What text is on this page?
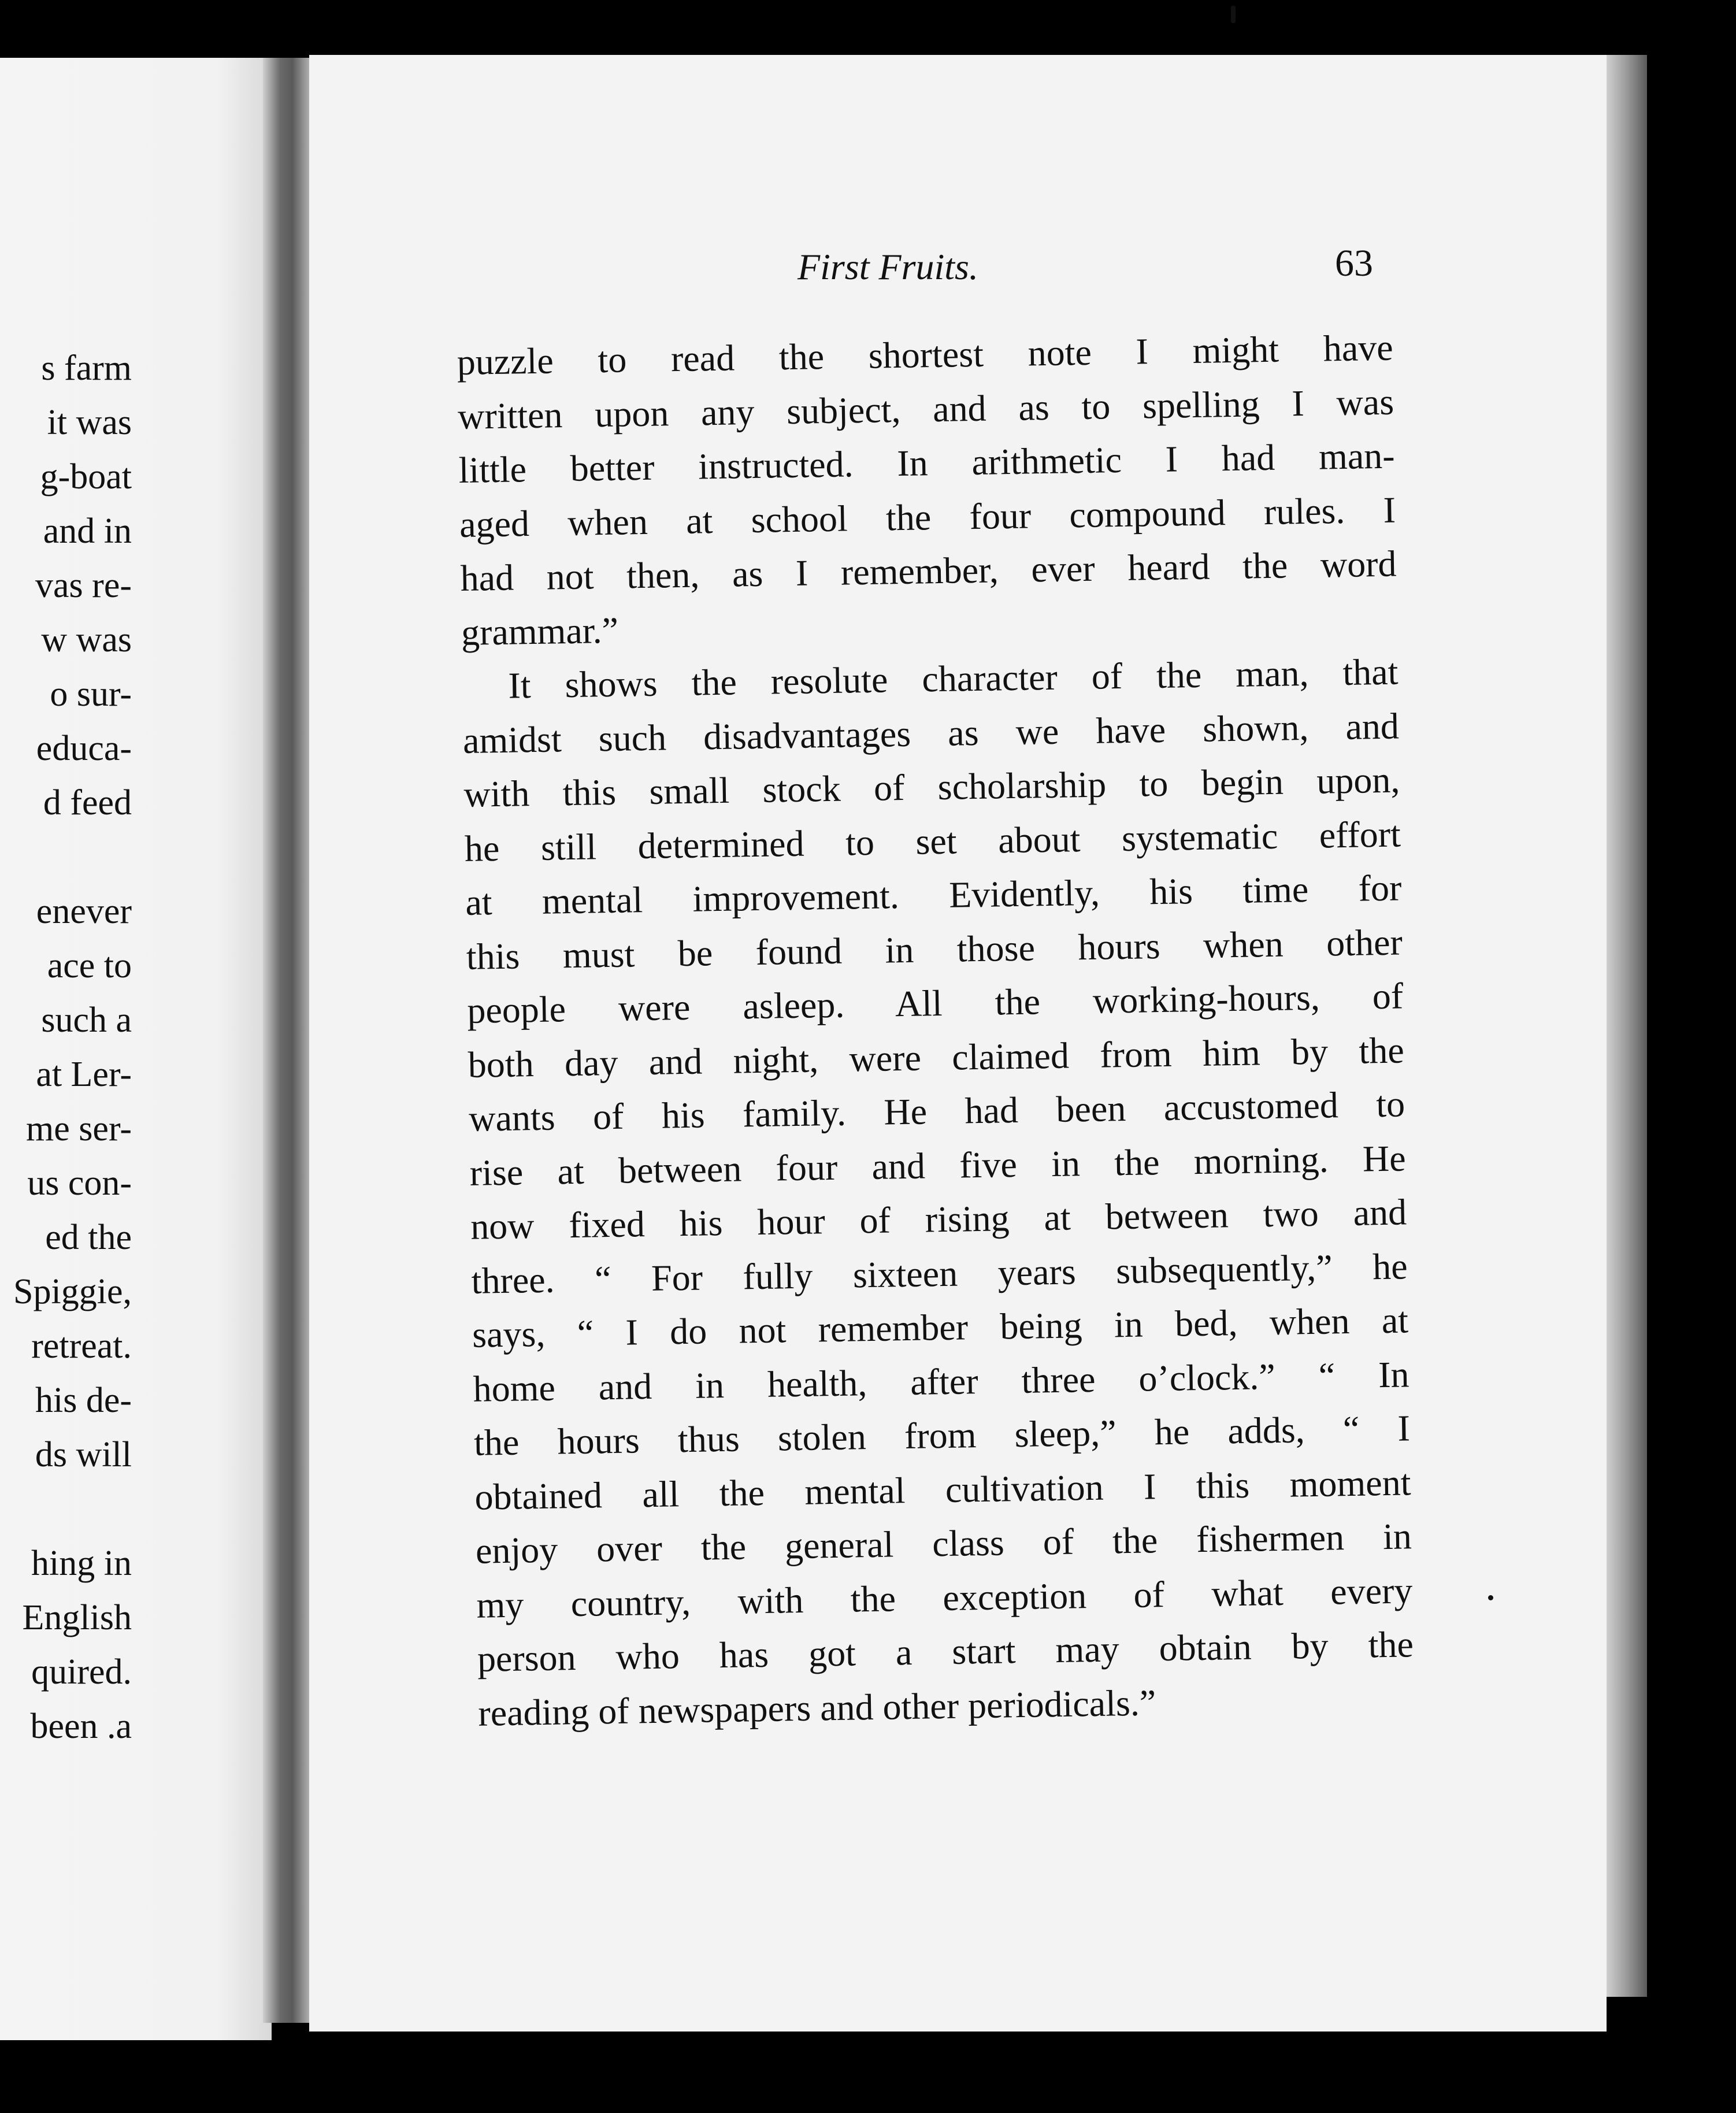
s farm
it was
g-boat
and in
vas re-
w was
o sur-
educa-
d feed
enever
ace to
such a
at Ler-
me ser-
us con-
ed the
Spiggie,
retreat.
his de-
ds will
hing in
English
quired.
been .a
First Fruits.	63
puzzle to read the shortest note I might have
written upon any subject, and as to spelling I was
little better instructed. In arithmetic I had man-
aged when at school the four compound rules. I
had not then, as I remember, ever heard the word
grammar.”
It shows the resolute character of the man, that
amidst such disadvantages as we have shown, and
with this small stock of scholarship to begin upon,
he still determined to set about systematic effort
at mental improvement. Evidently, his time for
this must be found in those hours when other
people were asleep. All the working-hours, of
both day and night, were claimed from him by the
wants of his family. He had been accustomed to
rise at between four and five in the morning. He
now fixed his hour of rising at between two and
three. “ For fully sixteen years subsequently,” he
says, “ I do not remember being in bed, when at
home and in health, after three o’clock.” “ In
the hours thus stolen from sleep,” he adds, “ I
obtained all the mental cultivation I this moment
enjoy over the general class of the fishermen in
my country, with the exception of what every
person who has got a start may obtain by the
reading of newspapers and other periodicals.”
